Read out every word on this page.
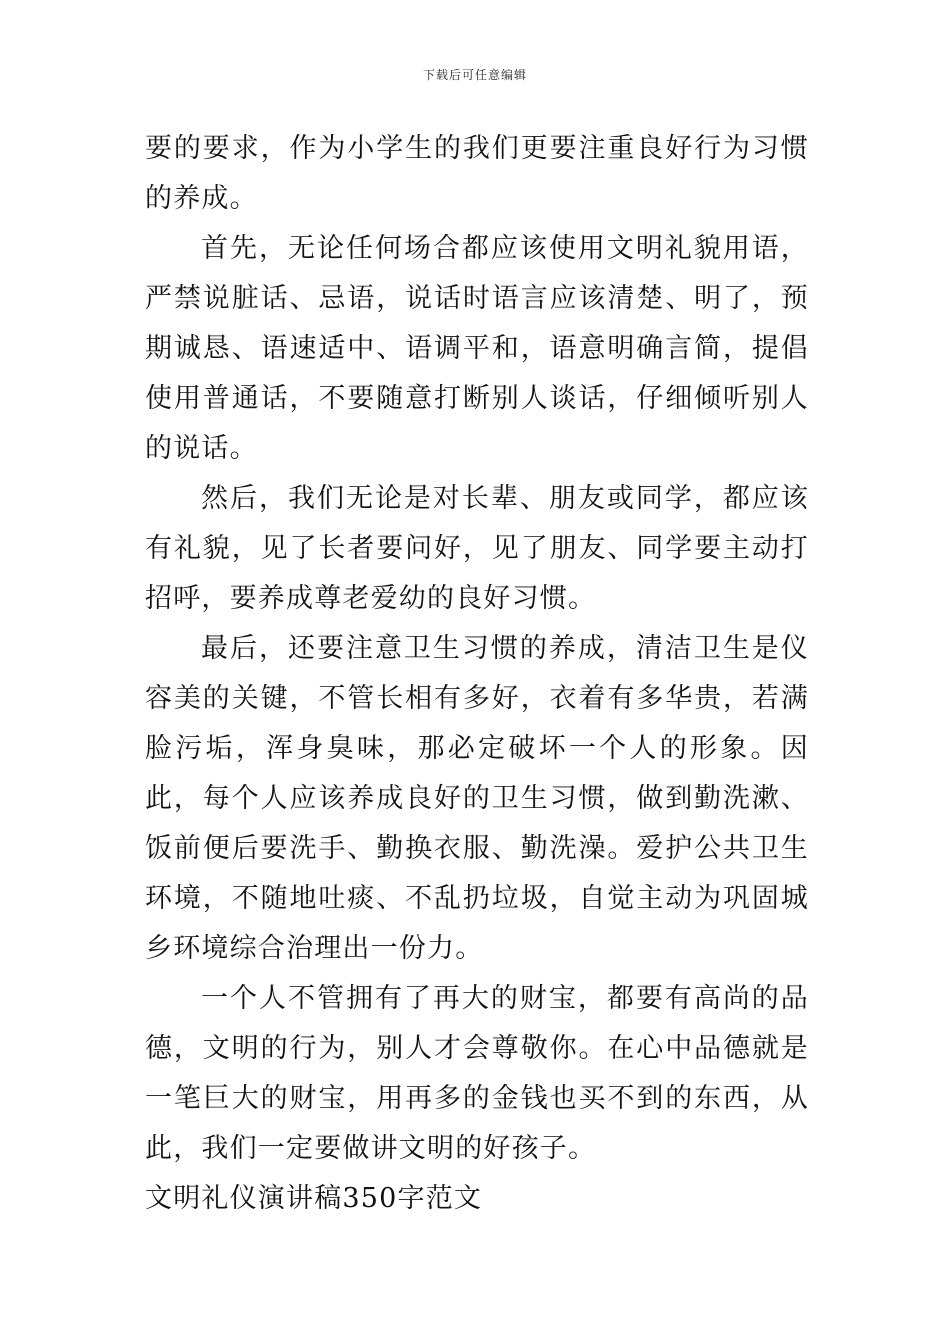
下载后可任意编辑

要的要求，作为小学生的我们更要注重良好行为习惯的养成。

首先，无论任何场合都应该使用文明礼貌用语，严禁说脏话、忌语，说话时语言应该清楚、明了，预期诚恳、语速适中、语调平和，语意明确言简，提倡使用普通话，不要随意打断别人谈话，仔细倾听别人的说话。

然后，我们无论是对长辈、朋友或同学，都应该有礼貌，见了长者要问好，见了朋友、同学要主动打招呼，要养成尊老爱幼的良好习惯。

最后，还要注意卫生习惯的养成，清洁卫生是仪容美的关键，不管长相有多好，衣着有多华贵，若满脸污垢，浑身臭味，那必定破坏一个人的形象。因此，每个人应该养成良好的卫生习惯，做到勤洗漱、饭前便后要洗手、勤换衣服、勤洗澡。爱护公共卫生环境，不随地吐痰、不乱扔垃圾，自觉主动为巩固城乡环境综合治理出一份力。

一个人不管拥有了再大的财宝，都要有高尚的品德，文明的行为，别人才会尊敬你。在心中品德就是一笔巨大的财宝，用再多的金钱也买不到的东西，从此，我们一定要做讲文明的好孩子。

文明礼仪演讲稿350字范文
